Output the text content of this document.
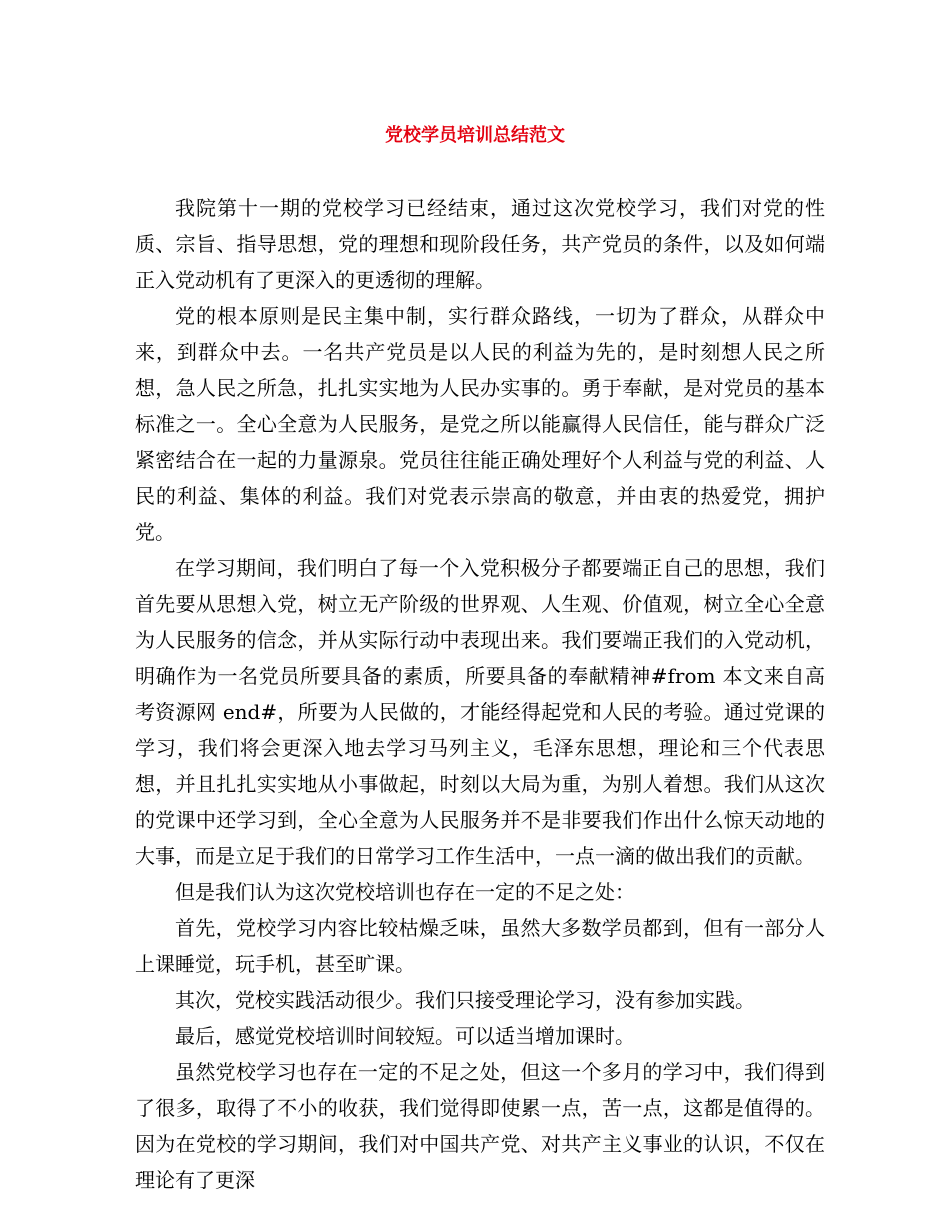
党校学员培训总结范文

我院第十一期的党校学习已经结束，通过这次党校学习，我们对党的性质、宗旨、指导思想，党的理想和现阶段任务，共产党员的条件，以及如何端正入党动机有了更深入的更透彻的理解。

党的根本原则是民主集中制，实行群众路线，一切为了群众，从群众中来，到群众中去。一名共产党员是以人民的利益为先的，是时刻想人民之所想，急人民之所急，扎扎实实地为人民办实事的。勇于奉献，是对党员的基本标准之一。全心全意为人民服务，是党之所以能赢得人民信任，能与群众广泛紧密结合在一起的力量源泉。党员往往能正确处理好个人利益与党的利益、人民的利益、集体的利益。我们对党表示崇高的敬意，并由衷的热爱党，拥护党。

在学习期间，我们明白了每一个入党积极分子都要端正自己的思想，我们首先要从思想入党，树立无产阶级的世界观、人生观、价值观，树立全心全意为人民服务的信念，并从实际行动中表现出来。我们要端正我们的入党动机，明确作为一名党员所要具备的素质，所要具备的奉献精神#from 本文来自高考资源网 end#，所要为人民做的，才能经得起党和人民的考验。通过党课的学习，我们将会更深入地去学习马列主义，毛泽东思想，理论和三个代表思想，并且扎扎实实地从小事做起，时刻以大局为重，为别人着想。我们从这次的党课中还学习到，全心全意为人民服务并不是非要我们作出什么惊天动地的大事，而是立足于我们的日常学习工作生活中，一点一滴的做出我们的贡献。

但是我们认为这次党校培训也存在一定的不足之处：

首先，党校学习内容比较枯燥乏味，虽然大多数学员都到，但有一部分人上课睡觉，玩手机，甚至旷课。

其次，党校实践活动很少。我们只接受理论学习，没有参加实践。

最后，感觉党校培训时间较短。可以适当增加课时。

虽然党校学习也存在一定的不足之处，但这一个多月的学习中，我们得到了很多，取得了不小的收获，我们觉得即使累一点，苦一点，这都是值得的。因为在党校的学习期间，我们对中国共产党、对共产主义事业的认识，不仅在理论有了更深
